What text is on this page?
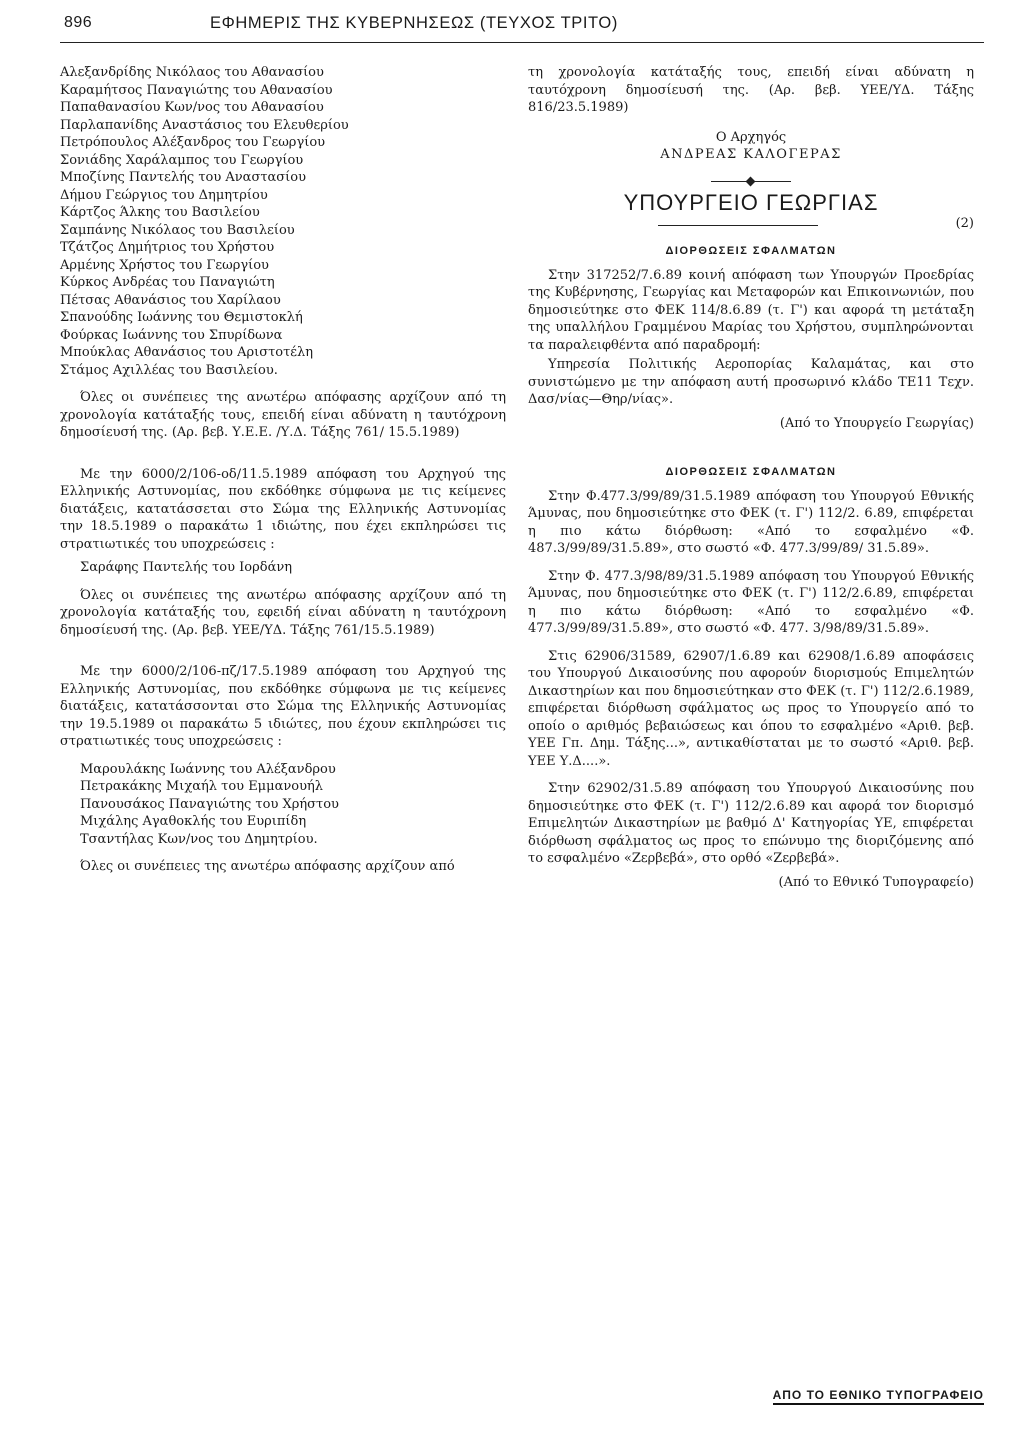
896	ΕΦΗΜΕΡΙΣ ΤΗΣ ΚΥΒΕΡΝΗΣΕΩΣ (ΤΕΥΧΟΣ ΤΡΙΤΟ)
Αλεξανδρίδης Νικόλαος του Αθανασίου
Καραμήτσος Παναγιώτης του Αθανασίου
Παπαθανασίου Κων/νος του Αθανασίου
Παρλαπανίδης Αναστάσιος του Ελευθερίου
Πετρόπουλος Αλέξανδρος του Γεωργίου
Σονιάδης Χαράλαμπος του Γεωργίου
Μποζίνης Παντελής του Αναστασίου
Δήμου Γεώργιος του Δημητρίου
Κάρτζος Άλκης του Βασιλείου
Σαμπάνης Νικόλαος του Βασιλείου
Τζάτζος Δημήτριος του Χρήστου
Αρμένης Χρήστος του Γεωργίου
Κύρκος Ανδρέας του Παναγιώτη
Πέτσας Αθανάσιος του Χαρίλαου
Σπανούδης Ιωάννης του Θεμιστοκλή
Φούρκας Ιωάννης του Σπυρίδωνα
Μπούκλας Αθανάσιος του Αριστοτέλη
Στάμος Αχιλλέας του Βασιλείου.

Όλες οι συνέπειες της ανωτέρω απόφασης αρχίζουν από τη χρονολογία κατάταξής τους, επειδή είναι αδύνατη η ταυτόχρονη δημοσίευσή της. (Αρ. βεβ. Υ.Ε.Ε. /Υ.Δ. Τάξης 761/ 15.5.1989)

Με την 6000/2/106-οδ/11.5.1989 απόφαση του Αρχηγού της Ελληνικής Αστυνομίας, που εκδόθηκε σύμφωνα με τις κείμενες διατάξεις, κατατάσσεται στο Σώμα της Ελληνικής Αστυνομίας την 18.5.1989 ο παρακάτω 1 ιδιώτης, που έχει εκπληρώσει τις στρατιωτικές του υποχρεώσεις :

Σαράφης Παντελής του Ιορδάνη

Όλες οι συνέπειες της ανωτέρω απόφασης αρχίζουν από τη χρονολογία κατάταξής του, εφειδή είναι αδύνατη η ταυτόχρονη δημοσίευσή της. (Αρ. βεβ. ΥΕΕ/ΥΔ. Τάξης 761/15.5.1989)

Με την 6000/2/106-πζ/17.5.1989 απόφαση του Αρχηγού της Ελληνικής Αστυνομίας, που εκδόθηκε σύμφωνα με τις κείμενες διατάξεις, κατατάσσονται στο Σώμα της Ελληνικής Αστυνομίας την 19.5.1989 οι παρακάτω 5 ιδιώτες, που έχουν εκπληρώσει τις στρατιωτικές τους υποχρεώσεις :

Μαρουλάκης Ιωάννης του Αλέξανδρου
Πετρακάκης Μιχαήλ του Εμμανουήλ
Πανουσάκος Παναγιώτης του Χρήστου
Μιχάλης Αγαθοκλής του Ευριπίδη
Τσαντήλας Κων/νος του Δημητρίου.

Όλες οι συνέπειες της ανωτέρω απόφασης αρχίζουν από

τη χρονολογία κατάταξής τους, επειδή είναι αδύνατη η ταυτόχρονη δημοσίευσή της. (Αρ. βεβ. ΥΕΕ/ΥΔ. Τάξης 816/23.5.1989)

Ο Αρχηγός
ΑΝΔΡΕΑΣ ΚΑΛΟΓΕΡΑΣ
ΥΠΟΥΡΓΕΙΟ ΓΕΩΡΓΙΑΣ
(2)
ΔΙΟΡΘΩΣΕΙΣ ΣΦΑΛΜΑΤΩΝ

Στην 317252/7.6.89 κοινή απόφαση των Υπουργών Προεδρίας της Κυβέρνησης, Γεωργίας και Μεταφορών και Επικοινωνιών, που δημοσιεύτηκε στο ΦΕΚ 114/8.6.89 (τ. Γ') και αφορά τη μετάταξη της υπαλλήλου Γραμμένου Μαρίας του Χρήστου, συμπληρώνονται τα παραλειφθέντα από παραδρομή:

Υπηρεσία Πολιτικής Αεροπορίας Καλαμάτας, και στο συνιστώμενο με την απόφαση αυτή προσωρινό κλάδο ΤΕ11 Τεχν. Δασ/νίας—Θηρ/νίας».

(Από το Υπουργείο Γεωργίας)

ΔΙΟΡΘΩΣΕΙΣ ΣΦΑΛΜΑΤΩΝ

Στην Φ.477.3/99/89/31.5.1989 απόφαση του Υπουργού Εθνικής Άμυνας, που δημοσιεύτηκε στο ΦΕΚ (τ. Γ') 112/2. 6.89, επιφέρεται η πιο κάτω διόρθωση: «Από το εσφαλμένο «Φ. 487.3/99/89/31.5.89», στο σωστό «Φ. 477.3/99/89/ 31.5.89».

Στην Φ. 477.3/98/89/31.5.1989 απόφαση του Υπουργού Εθνικής Άμυνας, που δημοσιεύτηκε στο ΦΕΚ (τ. Γ') 112/2.6.89, επιφέρεται η πιο κάτω διόρθωση: «Από το εσφαλμένο «Φ. 477.3/99/89/31.5.89», στο σωστό «Φ. 477. 3/98/89/31.5.89».

Στις 62906/31589, 62907/1.6.89 και 62908/1.6.89 αποφάσεις του Υπουργού Δικαιοσύνης που αφορούν διορισμούς Επιμελητών Δικαστηρίων και που δημοσιεύτηκαν στο ΦΕΚ (τ. Γ') 112/2.6.1989, επιφέρεται διόρθωση σφάλματος ως προς το Υπουργείο από το οποίο ο αριθμός βεβαιώσεως και όπου το εσφαλμένο «Αριθ. βεβ. ΥΕΕ Γπ. Δημ. Τάξης...», αντικαθίσταται με το σωστό «Αριθ. βεβ. ΥΕΕ Υ.Δ....».

Στην 62902/31.5.89 απόφαση του Υπουργού Δικαιοσύνης που δημοσιεύτηκε στο ΦΕΚ (τ. Γ') 112/2.6.89 και αφορά τον διορισμό Επιμελητών Δικαστηρίων με βαθμό Δ' Κατηγορίας ΥΕ, επιφέρεται διόρθωση σφάλματος ως προς το επώνυμο της διοριζόμενης από το εσφαλμένο «Ζερβεβά», στο ορθό «Ζερβεβά».

(Από το Εθνικό Τυπογραφείο)

ΑΠΟ ΤΟ ΕΘΝΙΚΟ ΤΥΠΟΓΡΑΦΕΙΟ
